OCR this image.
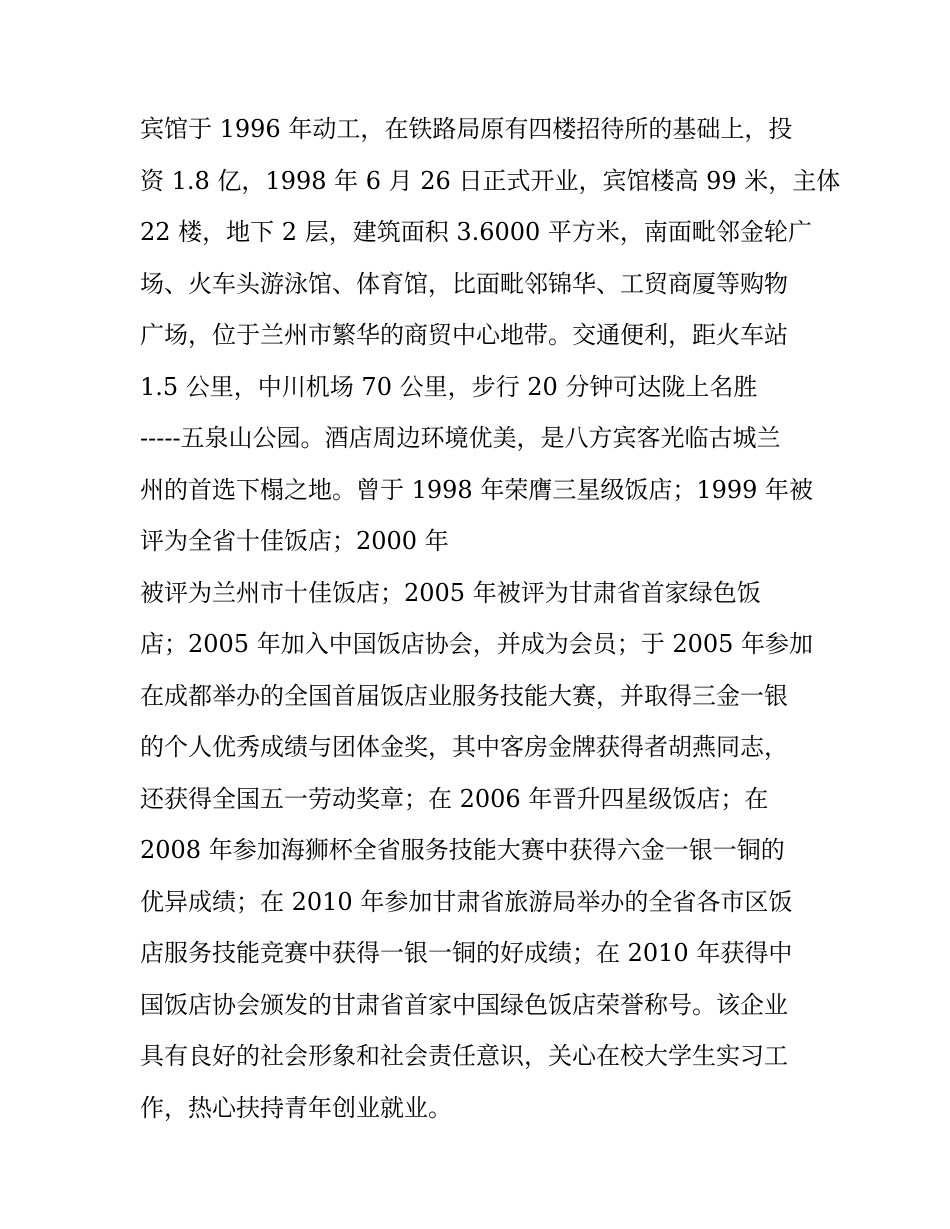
宾馆于 1996 年动工，在铁路局原有四楼招待所的基础上，投
资 1.8 亿，1998 年 6 月 26 日正式开业，宾馆楼高 99 米，主体
22 楼，地下 2 层，建筑面积 3.6000 平方米，南面毗邻金轮广
场、火车头游泳馆、体育馆，比面毗邻锦华、工贸商厦等购物
广场，位于兰州市繁华的商贸中心地带。交通便利，距火车站
1.5 公里，中川机场 70 公里，步行 20 分钟可达陇上名胜
-----五泉山公园。酒店周边环境优美，是八方宾客光临古城兰
州的首选下榻之地。曾于 1998 年荣膺三星级饭店；1999 年被
评为全省十佳饭店；2000 年
被评为兰州市十佳饭店；2005 年被评为甘肃省首家绿色饭
店；2005 年加入中国饭店协会，并成为会员；于 2005 年参加
在成都举办的全国首届饭店业服务技能大赛，并取得三金一银
的个人优秀成绩与团体金奖，其中客房金牌获得者胡燕同志，
还获得全国五一劳动奖章；在 2006 年晋升四星级饭店；在
2008 年参加海狮杯全省服务技能大赛中获得六金一银一铜的
优异成绩；在 2010 年参加甘肃省旅游局举办的全省各市区饭
店服务技能竞赛中获得一银一铜的好成绩；在 2010 年获得中
国饭店协会颁发的甘肃省首家中国绿色饭店荣誉称号。该企业
具有良好的社会形象和社会责任意识，关心在校大学生实习工
作，热心扶持青年创业就业。
